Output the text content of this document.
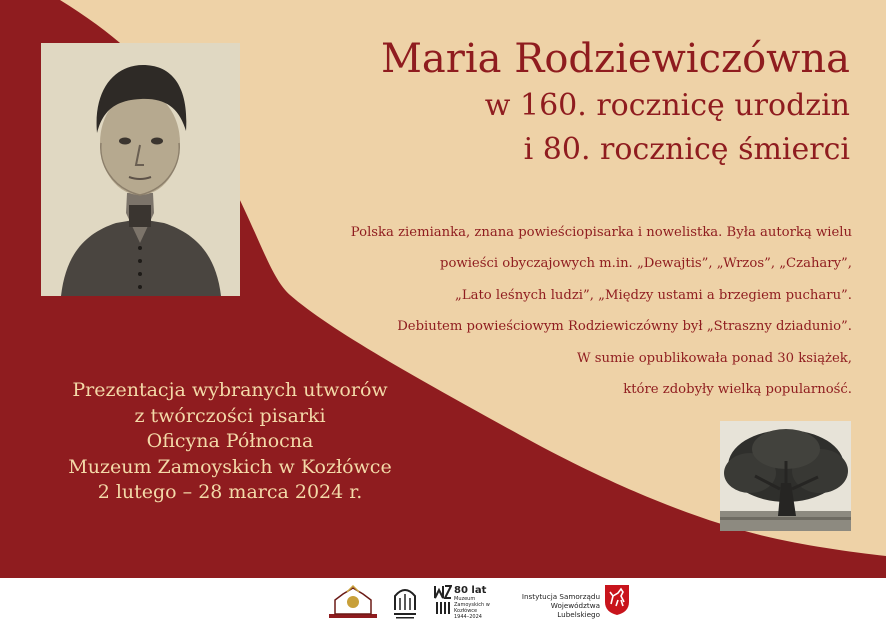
Maria Rodziewiczówna
w 160. rocznicę urodzin
i 80. rocznicę śmierci
Polska ziemianka, znana powieściopisarka i nowelistka. Była autorką wielu
powieści obyczajowych m.in. „Dewajtis”, „Wrzos”, „Czahary”,
„Lato leśnych ludzi”, „Między ustami a brzegiem pucharu”.
Debiutem powieściowym Rodziewiczówny był „Straszny dziadunio”.
W sumie opublikowała ponad 30 książek,
które zdobyły wielką popularność.
Prezentacja wybranych utworów
z twórczości pisarki
Oficyna Północna
Muzeum Zamoyskich w Kozłówce
2 lutego – 28 marca 2024 r.
80 lat
Muzeum Zamoyskich w Kozłówce
1944–2024
Instytucja Samorządu
Województwa Lubelskiego
